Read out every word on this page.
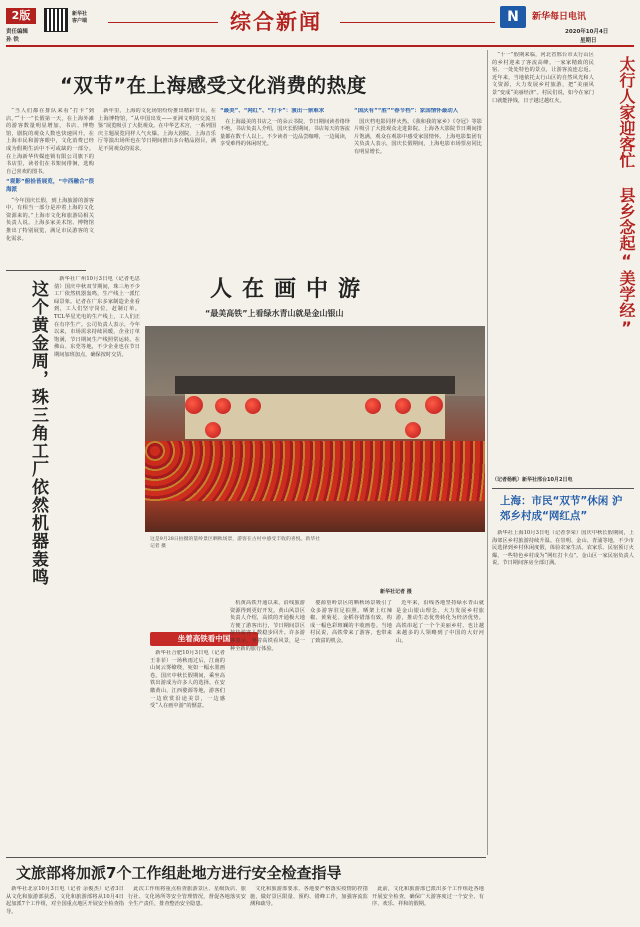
2版
责任编辑
孙 铁
新华社
客户端	综合新闻	N	新华每日电讯
2020年10月4日
星期日
“双节”在上海感受文化消费的热度

“当人们都在排队来看“打卡”到店。”“十一”长假第一天，在上海外滩的游客数量明显增加，书店、博物馆、剧院的观众人数也快速回升。在上海市民和游客眼中，文化消费已经成为假期生活中不可或缺的一部分。在上海新华传媒连锁有限公司旗下的书店里，读者们在书架间徘徊，选购自己喜欢的图书。

“观影”俯拾皆展览，“中西融合”很海派

“今年国庆长假，到上海旅游的游客中，有相当一部分是冲着上海的文化资源来的。”上海市文化和旅游局相关负责人说。上海多家美术馆、博物馆推出了特别展览，满足市民游客的文化需求。

新年里，上海的文化场馆纷纷推出精彩节目。在上海博物馆，“从中国出发——亚洲文明的交流互鉴”展览吸引了大批观众。在中华艺术宫，一系列国庆主题展览同样人气火爆。上海大剧院、上海音乐厅等演出场所也在节日期间推出多台精品剧目，满足不同观众的需求。

“最美”、“网红”、“打卡”：演出一票难求

在上海最美的书店之一的朵云书院，节日期间读者络绎不绝。书店负责人介绍，国庆长假期间，书店每天的客流量都在数千人以上。不少读者一边品尝咖啡，一边阅读，享受难得的休闲时光。

“国庆有”“胜”“春节档”：家国情怀最动人

国庆档电影同样火热。《我和我的家乡》《夺冠》等影片吸引了大批观众走进影院。上海各大影院节日期间排片饱满，观众在观影中感受家国情怀。上海电影集团有关负责人表示，国庆长假期间，上海电影市场票房同比有明显增长。

这个黄金周，珠三角工厂依然机器轰鸣

新华社广州10月3日电（记者毛思倩）国庆中秋双节期间，珠三角不少工厂依然机器轰鸣，生产线上一派忙碌景象。记者在广东多家制造企业看到，工人们坚守岗位，赶制订单。TCL华星光电的生产线上，工人们正在有序生产。公司负责人表示，今年以来，市场需求持续回暖，企业订单饱满，节日期间生产线照常运转。在佛山、东莞等地，不少企业也在节日期间加班加点，确保按时交货。

人在画中游
“最美高铁”上看绿水青山就是金山银山
坐着高铁看中国
这是9月28日拍摄的篁岭景区晒秋场景，游客在古村中感受丰收的喜悦。新华社记者 摄
新华社记者 摄

新华社合肥10月3日电（记者 王菲菲）一场秋雨过后，江南的山间云雾缭绕，宛如一幅水墨画卷。国庆中秋长假期间，乘坐高铁出游成为许多人的选择。在安徽黄山、江西婺源等地，游客们一边欣赏沿途美景，一边感受“人在画中游”的惬意。

杭黄高铁开通以来，沿线旅游资源得到更好开发。黄山风景区负责人介绍，高铁的开通极大地方便了游客出行，节日期间景区接待游客人数稳步回升。许多游客表示，坐着高铁看风景，是一种全新的旅行体验。

婺源篁岭景区的晒秋场景吸引了众多游客驻足拍照。晒架上红辣椒、黄菊花、金稻谷错落有致，构成一幅色彩斑斓的丰收画卷。当地村民说，高铁带来了游客，也带来了致富的机会。

近年来，沿线各地坚持绿水青山就是金山银山理念，大力发展乡村旅游，推动生态优势转化为经济优势。高铁串起了一个个美丽乡村，也让越来越多的人领略到了中国的大好河山。

“十一”假期来临，河北省邢台市太行山区的乡村迎来了客流高峰。一家家精致的民宿、一处处特色的景点，让游客流连忘返。近年来，当地依托太行山区的自然风光和人文资源，大力发展乡村旅游，把“美丽风景”变成“美丽经济”。村民们说，如今在家门口就能挣钱，日子越过越红火。	太行人家迎客忙 县乡念起“美学经”
（记者杨帆）新华社邢台10月2日电
上海：市民“双节”休闲 沪郊乡村成“网红点”

新华社上海10月3日电（记者李荣）国庆中秋长假期间，上海郊区乡村旅游持续升温。在崇明、金山、青浦等地，不少市民选择到乡村休闲度假，体验农家生活。农家乐、民宿预订火爆，一些特色乡村成为“网红打卡点”。金山区一家民宿负责人说，节日期间客房全部订满。

文旅部将加派7个工作组赴地方进行安全检查指导

新华社北京10月3日电（记者 余俊杰）记者3日从文化和旅游部获悉，文化和旅游部将从10月4日起加派7个工作组，对全国重点地区开展安全检查指导。

此次工作组将重点检查旅游景区、星级饭店、旅行社、文化场所等安全管理情况，督促各地落实安全生产责任，排查整治安全隐患。

文化和旅游部要求，各地要严格落实疫情防控措施，做好景区限量、预约、错峰工作，加强客流监测和疏导。

此前，文化和旅游部已派出多个工作组赴各地开展安全检查，确保广大游客度过一个安全、有序、欢乐、祥和的假期。
